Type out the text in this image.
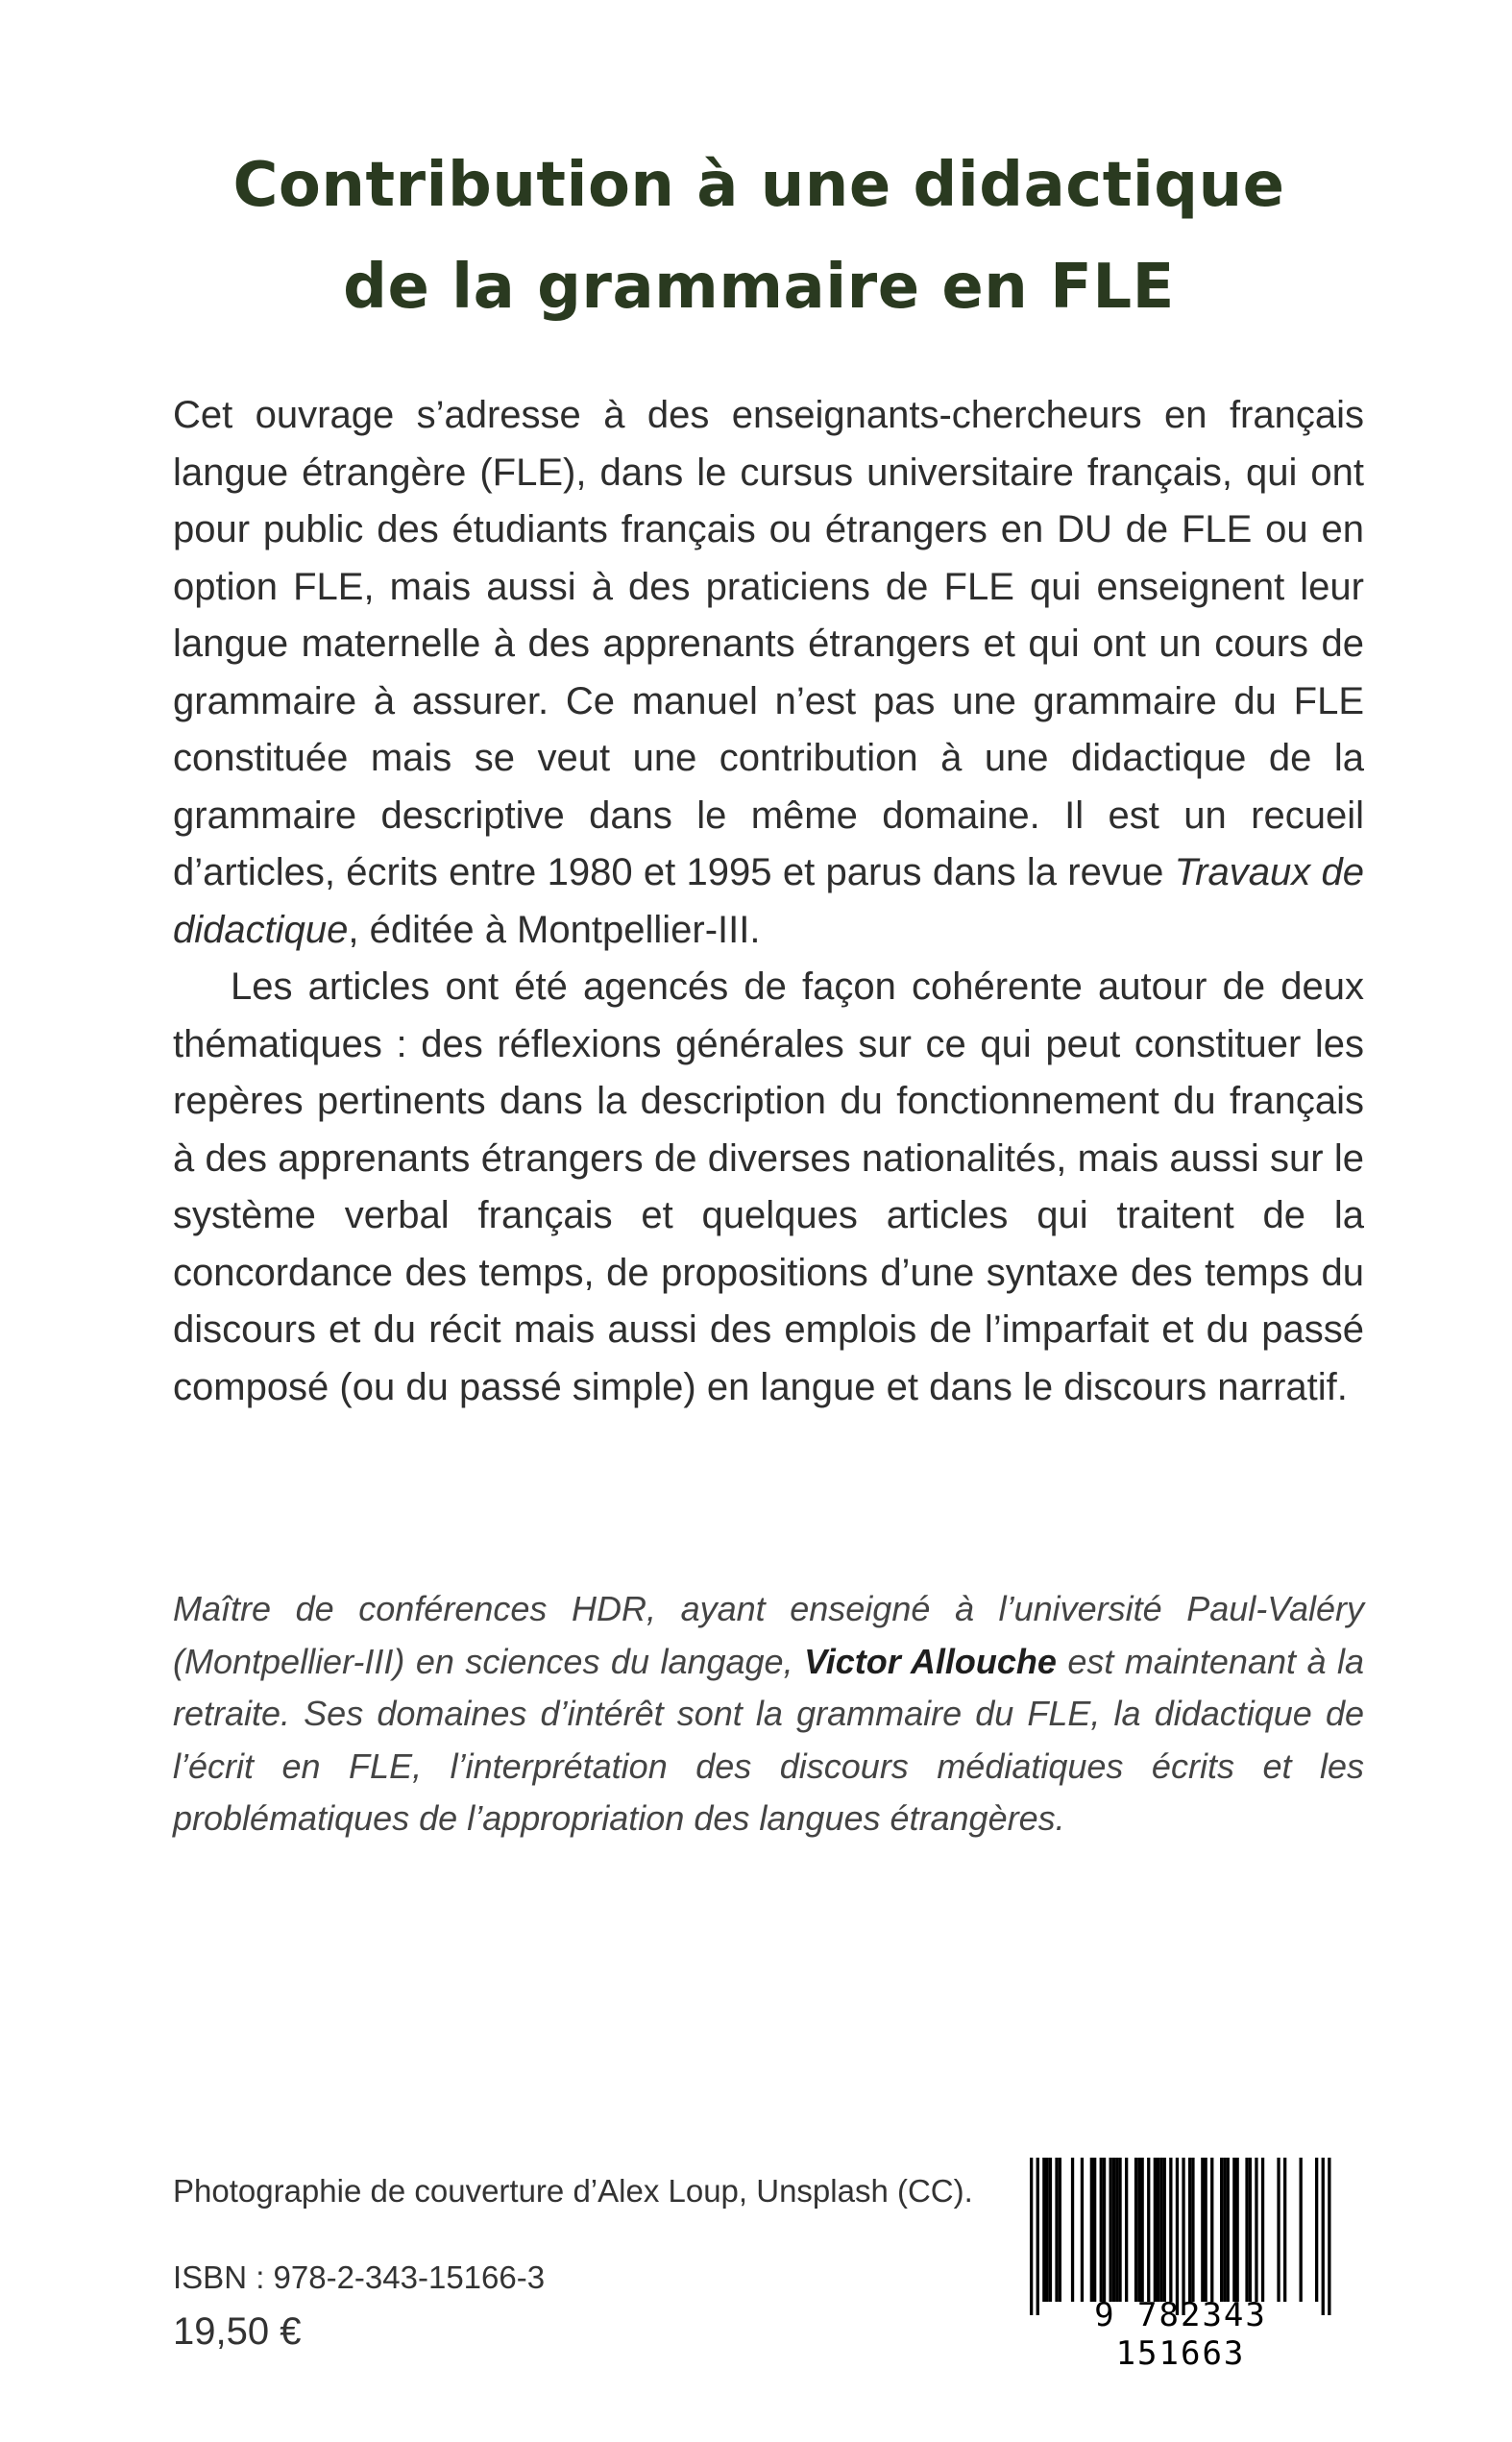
Contribution à une didactique
de la grammaire en FLE

Cet ouvrage s’adresse à des enseignants-chercheurs en français langue étrangère (FLE), dans le cursus universitaire français, qui ont pour public des étudiants français ou étrangers en DU de FLE ou en option FLE, mais aussi à des praticiens de FLE qui enseignent leur langue maternelle à des apprenants étrangers et qui ont un cours de grammaire à assurer. Ce manuel n’est pas une grammaire du FLE constituée mais se veut une contribution à une didactique de la grammaire descriptive dans le même domaine. Il est un recueil d’articles, écrits entre 1980 et 1995 et parus dans la revue Travaux de didactique, éditée à Montpellier-III.

Les articles ont été agencés de façon cohérente autour de deux thématiques : des réflexions générales sur ce qui peut constituer les repères pertinents dans la description du fonctionnement du français à des apprenants étrangers de diverses nationalités, mais aussi sur le système verbal français et quelques articles qui traitent de la concordance des temps, de propositions d’une syntaxe des temps du discours et du récit mais aussi des emplois de l’imparfait et du passé composé (ou du passé simple) en langue et dans le discours narratif.

Maître de conférences HDR, ayant enseigné à l’université Paul-Valéry (Montpellier-III) en sciences du langage, Victor Allouche est maintenant à la retraite. Ses domaines d’intérêt sont la grammaire du FLE, la didactique de l’écrit en FLE, l’interprétation des discours médiatiques écrits et les problématiques de l’appropriation des langues étrangères.

Photographie de couverture d’Alex Loup, Unsplash (CC).

ISBN : 978-2-343-15166-3

19,50 €	9 782343 151663
